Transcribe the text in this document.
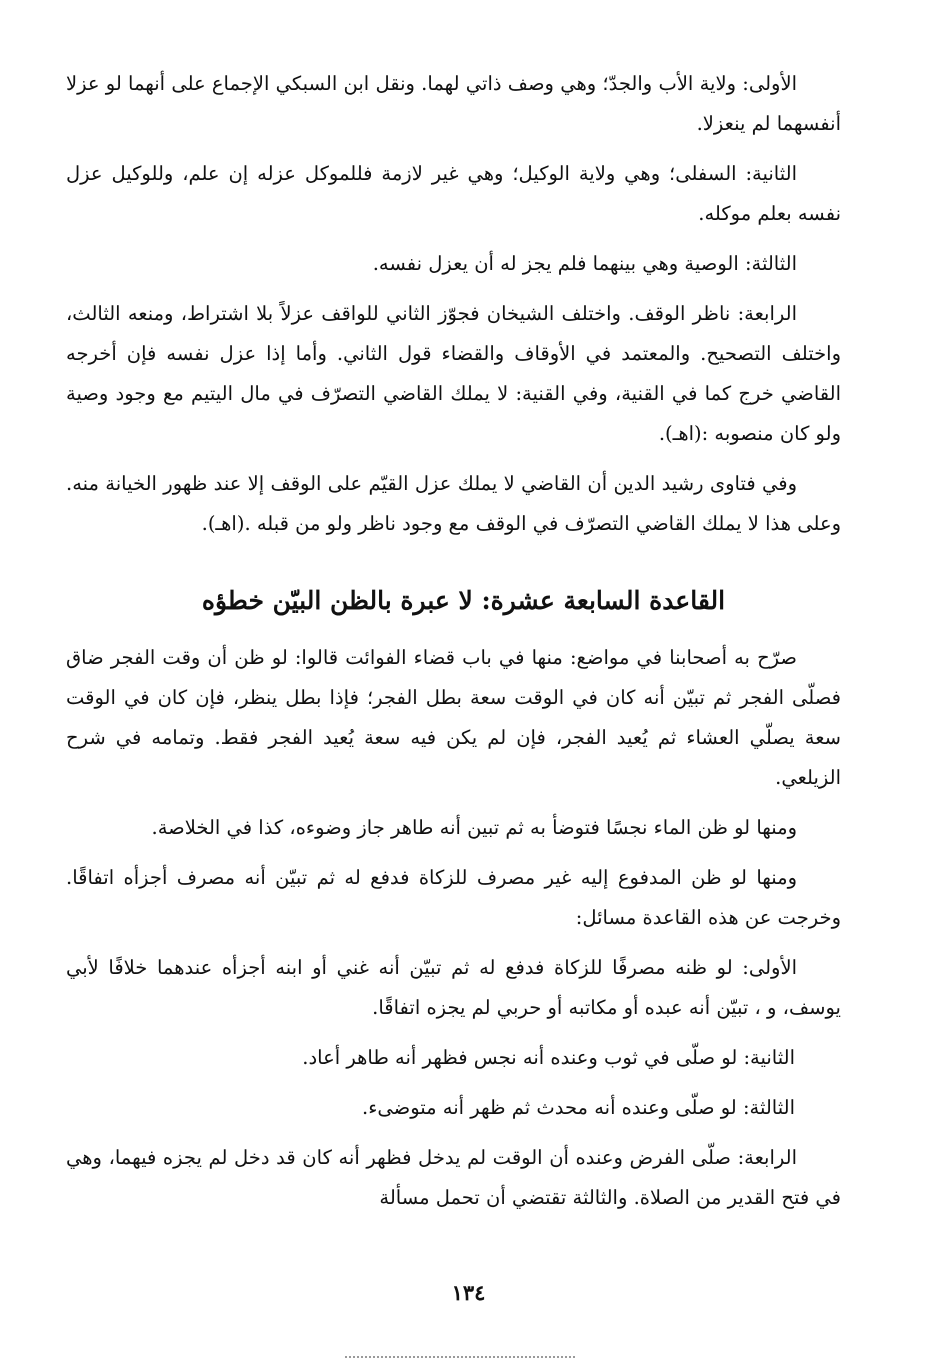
الأولى: ولاية الأب والجدّ؛ وهي وصف ذاتي لهما. ونقل ابن السبكي الإجماع على أنهما لو عزلا أنفسهما لم ينعزلا.

الثانية: السفلى؛ وهي ولاية الوكيل؛ وهي غير لازمة فللموكل عزله إن علم، وللوكيل عزل نفسه بعلم موكله.

الثالثة: الوصية وهي بينهما فلم يجز له أن يعزل نفسه.

الرابعة: ناظر الوقف. واختلف الشيخان فجوّز الثاني للواقف عزلاً بلا اشتراط، ومنعه الثالث، واختلف التصحيح. والمعتمد في الأوقاف والقضاء قول الثاني. وأما إذا عزل نفسه فإن أخرجه القاضي خرج كما في القنية، وفي القنية: لا يملك القاضي التصرّف في مال اليتيم مع وجود وصية ولو كان منصوبه :(اهـ).

وفي فتاوى رشيد الدين أن القاضي لا يملك عزل القيّم على الوقف إلا عند ظهور الخيانة منه. وعلى هذا لا يملك القاضي التصرّف في الوقف مع وجود ناظر ولو من قبله .(اهـ).

القاعدة السابعة عشرة: لا عبرة بالظن البيّن خطؤه

صرّح به أصحابنا في مواضع: منها في باب قضاء الفوائت قالوا: لو ظن أن وقت الفجر ضاق فصلّى الفجر ثم تبيّن أنه كان في الوقت سعة بطل الفجر؛ فإذا بطل ينظر، فإن كان في الوقت سعة يصلّي العشاء ثم يُعيد الفجر، فإن لم يكن فيه سعة يُعيد الفجر فقط. وتمامه في شرح الزيلعي.

ومنها لو ظن الماء نجسًا فتوضأ به ثم تبين أنه طاهر جاز وضوءه، كذا في الخلاصة.

ومنها لو ظن المدفوع إليه غير مصرف للزكاة فدفع له ثم تبيّن أنه مصرف أجزأه اتفاقًا. وخرجت عن هذه القاعدة مسائل:

الأولى: لو ظنه مصرفًا للزكاة فدفع له ثم تبيّن أنه غني أو ابنه أجزأه عندهما خلافًا لأبي يوسف، و ، تبيّن أنه عبده أو مكاتبه أو حربي لم يجزه اتفاقًا.

الثانية: لو صلّى في ثوب وعنده أنه نجس فظهر أنه طاهر أعاد.

الثالثة: لو صلّى وعنده أنه محدث ثم ظهر أنه متوضىء.

الرابعة: صلّى الفرض وعنده أن الوقت لم يدخل فظهر أنه كان قد دخل لم يجزه فيهما، وهي في فتح القدير من الصلاة. والثالثة تقتضي أن تحمل مسألة

١٣٤
